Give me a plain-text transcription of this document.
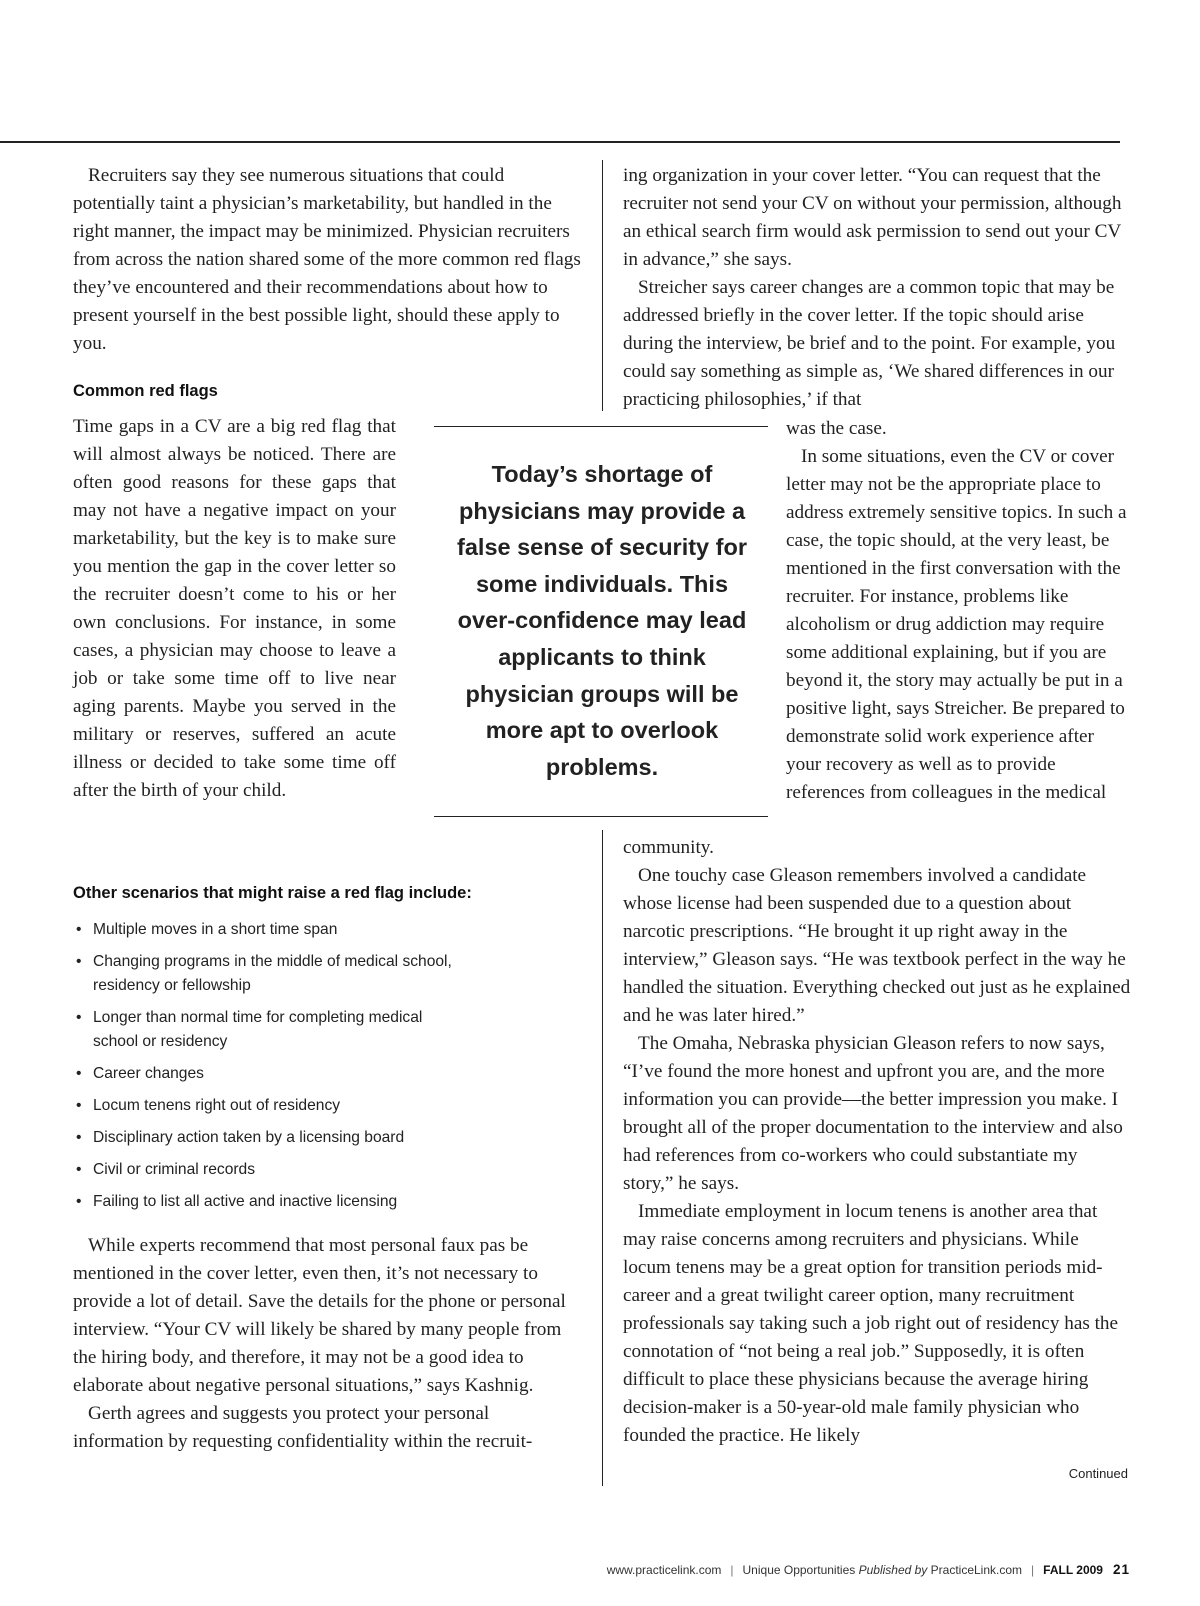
Recruiters say they see numerous situations that could potentially taint a physician’s marketability, but handled in the right manner, the impact may be minimized. Physician recruiters from across the nation shared some of the more common red flags they’ve encountered and their recommendations about how to present yourself in the best possible light, should these apply to you.

Common red flags

Time gaps in a CV are a big red flag that will almost always be noticed. There are often good reasons for these gaps that may not have a negative impact on your marketability, but the key is to make sure you mention the gap in the cover letter so the recruiter doesn’t come to his or her own conclusions. For instance, in some cases, a physician may choose to leave a job or take some time off to live near aging parents. Maybe you served in the military or reserves, suffered an acute illness or decided to take some time off after the birth of your child.

Other scenarios that might raise a red flag include:
• Multiple moves in a short time span
• Changing programs in the middle of medical school,
residency or fellowship
• Longer than normal time for completing medical
school or residency
• Career changes
• Locum tenens right out of residency
• Disciplinary action taken by a licensing board
• Civil or criminal records
• Failing to list all active and inactive licensing

While experts recommend that most personal faux pas be mentioned in the cover letter, even then, it’s not necessary to provide a lot of detail. Save the details for the phone or personal interview. “Your CV will likely be shared by many people from the hiring body, and therefore, it may not be a good idea to elaborate about negative personal situations,” says Kashnig.

Gerth agrees and suggests you protect your personal information by requesting confidentiality within the recruit-

ing organization in your cover letter. “You can request that the recruiter not send your CV on without your permission, although an ethical search firm would ask permission to send out your CV in advance,” she says.

Streicher says career changes are a common topic that may be addressed briefly in the cover letter. If the topic should arise during the interview, be brief and to the point. For example, you could say something as simple as, ‘We shared differences in our practicing philosophies,’ if that

was the case.

In some situations, even the CV or cover letter may not be the appropriate place to address extremely sensitive topics. In such a case, the topic should, at the very least, be mentioned in the first conversation with the recruiter. For instance, problems like alcoholism or drug addiction may require some additional explaining, but if you are beyond it, the story may actually be put in a positive light, says Streicher. Be prepared to demonstrate solid work experience after your recovery as well as to provide references from colleagues in the medical

community.

One touchy case Gleason remembers involved a candidate whose license had been suspended due to a question about narcotic prescriptions. “He brought it up right away in the interview,” Gleason says. “He was textbook perfect in the way he handled the situation. Everything checked out just as he explained and he was later hired.”

The Omaha, Nebraska physician Gleason refers to now says, “I’ve found the more honest and upfront you are, and the more information you can provide—the better impression you make. I brought all of the proper documentation to the interview and also had references from co-workers who could substantiate my story,” he says.

Immediate employment in locum tenens is another area that may raise concerns among recruiters and physicians. While locum tenens may be a great option for transition periods mid-career and a great twilight career option, many recruitment professionals say taking such a job right out of residency has the connotation of “not being a real job.” Supposedly, it is often difficult to place these physicians because the average hiring decision-maker is a 50-year-old male family physician who founded the practice. He likely

Continued
Today’s shortage of physicians may provide a false sense of security for some individuals. This over-confidence may lead applicants to think physician groups will be more apt to overlook problems.
www.practicelink.com | Unique Opportunities Published by PracticeLink.com | FALL 2009 21
